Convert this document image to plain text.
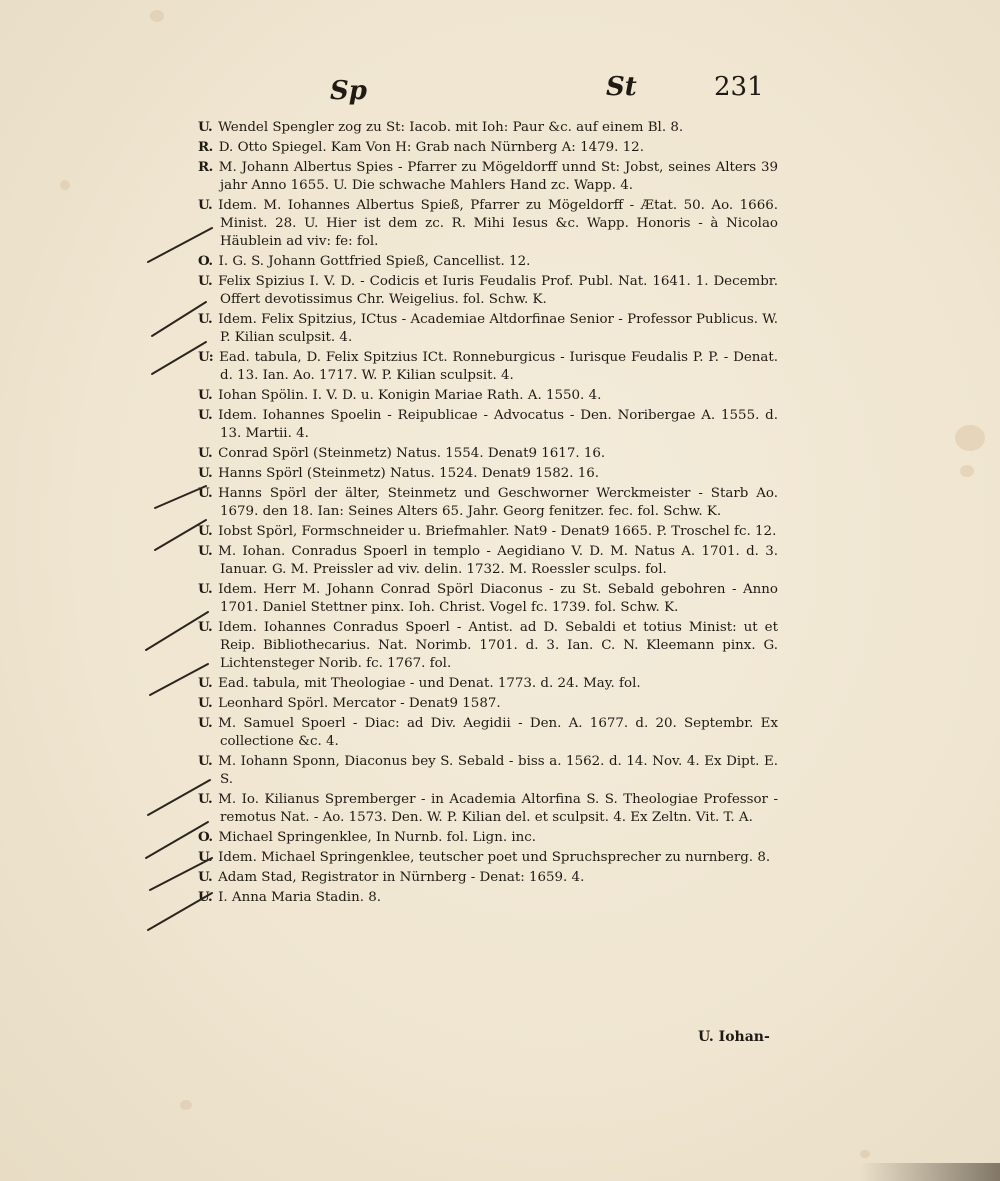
Sp	St	231
U. Wendel Spengler zog zu St: Iacob. mit Ioh: Paur &c. auf einem Bl. 8.
R. D. Otto Spiegel. Kam Von H: Grab nach Nürnberg A: 1479. 12.
R. M. Johann Albertus Spies - Pfarrer zu Mögeldorff unnd St: Jobst, seines Alters 39 jahr Anno 1655. U. Die schwache Mahlers Hand zc. Wapp. 4.
U. Idem. M. Iohannes Albertus Spieß, Pfarrer zu Mögeldorff - Ætat. 50. Ao. 1666. Minist. 28. U. Hier ist dem zc. R. Mihi Iesus &c. Wapp. Honoris - à Nicolao Häublein ad viv: fe: fol.
O. I. G. S. Johann Gottfried Spieß, Cancellist. 12.
U. Felix Spizius I. V. D. - Codicis et Iuris Feudalis Prof. Publ. Nat. 1641. 1. Decembr. Offert devotissimus Chr. Weigelius. fol. Schw. K.
U. Idem. Felix Spitzius, ICtus - Academiae Altdorfinae Senior - Professor Publicus. W. P. Kilian sculpsit. 4.
U: Ead. tabula, D. Felix Spitzius ICt. Ronneburgicus - Iurisque Feudalis P. P. - Denat. d. 13. Ian. Ao. 1717. W. P. Kilian sculpsit. 4.
U. Iohan Spölin. I. V. D. u. Konigin Mariae Rath. A. 1550. 4.
U. Idem. Iohannes Spoelin - Reipublicae - Advocatus - Den. Noribergae A. 1555. d. 13. Martii. 4.
U. Conrad Spörl (Steinmetz) Natus. 1554. Denat9 1617. 16.
U. Hanns Spörl (Steinmetz) Natus. 1524. Denat9 1582. 16.
U. Hanns Spörl der älter, Steinmetz und Geschworner Werckmeister - Starb Ao. 1679. den 18. Ian: Seines Alters 65. Jahr. Georg fenitzer. fec. fol. Schw. K.
U. Iobst Spörl, Formschneider u. Briefmahler. Nat9 - Denat9 1665. P. Troschel fc. 12.
U. M. Iohan. Conradus Spoerl in templo - Aegidiano V. D. M. Natus A. 1701. d. 3. Ianuar. G. M. Preissler ad viv. delin. 1732. M. Roessler sculps. fol.
U. Idem. Herr M. Johann Conrad Spörl Diaconus - zu St. Sebald gebohren - Anno 1701. Daniel Stettner pinx. Ioh. Christ. Vogel fc. 1739. fol. Schw. K.
U. Idem. Iohannes Conradus Spoerl - Antist. ad D. Sebaldi et totius Minist: ut et Reip. Bibliothecarius. Nat. Norimb. 1701. d. 3. Ian. C. N. Kleemann pinx. G. Lichtensteger Norib. fc. 1767. fol.
U. Ead. tabula, mit Theologiae - und Denat. 1773. d. 24. May. fol.
U. Leonhard Spörl. Mercator - Denat9 1587.
U. M. Samuel Spoerl - Diac: ad Div. Aegidii - Den. A. 1677. d. 20. Septembr. Ex collectione &c. 4.
U. M. Iohann Sponn, Diaconus bey S. Sebald - biss a. 1562. d. 14. Nov. 4. Ex Dipt. E. S.
U. M. Io. Kilianus Spremberger - in Academia Altorfina S. S. Theologiae Professor - remotus Nat. - Ao. 1573. Den. W. P. Kilian del. et sculpsit. 4. Ex Zeltn. Vit. T. A.
O. Michael Springenklee, In Nurnb. fol. Lign. inc.
U. Idem. Michael Springenklee, teutscher poet und Spruchsprecher zu nurnberg. 8.
U. Adam Stad, Registrator in Nürnberg - Denat: 1659. 4.
U. I. Anna Maria Stadin. 8.
U. Iohan-
